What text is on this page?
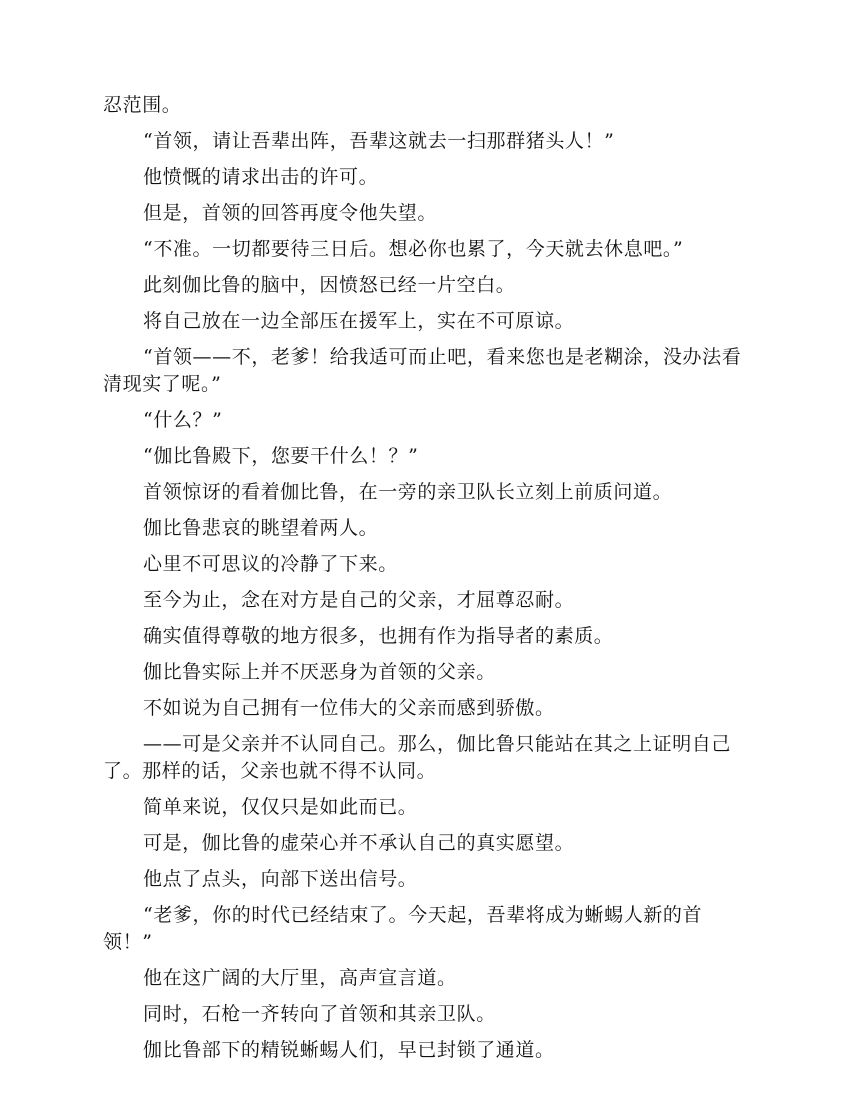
忍范围。

“首领，请让吾辈出阵，吾辈这就去一扫那群猪头人！”

他愤慨的请求出击的许可。

但是，首领的回答再度令他失望。

“不准。一切都要待三日后。想必你也累了，今天就去休息吧。”

此刻伽比鲁的脑中，因愤怒已经一片空白。

将自己放在一边全部压在援军上，实在不可原谅。

“首领——不，老爹！给我适可而止吧，看来您也是老糊涂，没办法看清现实了呢。”

“什么？”

“伽比鲁殿下，您要干什么！？”

首领惊讶的看着伽比鲁，在一旁的亲卫队长立刻上前质问道。

伽比鲁悲哀的眺望着两人。

心里不可思议的冷静了下来。

至今为止，念在对方是自己的父亲，才屈尊忍耐。

确实值得尊敬的地方很多，也拥有作为指导者的素质。

伽比鲁实际上并不厌恶身为首领的父亲。

不如说为自己拥有一位伟大的父亲而感到骄傲。

——可是父亲并不认同自己。那么，伽比鲁只能站在其之上证明自己了。那样的话，父亲也就不得不认同。

简单来说，仅仅只是如此而已。

可是，伽比鲁的虚荣心并不承认自己的真实愿望。

他点了点头，向部下送出信号。

“老爹，你的时代已经结束了。今天起，吾辈将成为蜥蜴人新的首领！”

他在这广阔的大厅里，高声宣言道。

同时，石枪一齐转向了首领和其亲卫队。

伽比鲁部下的精锐蜥蜴人们，早已封锁了通道。
